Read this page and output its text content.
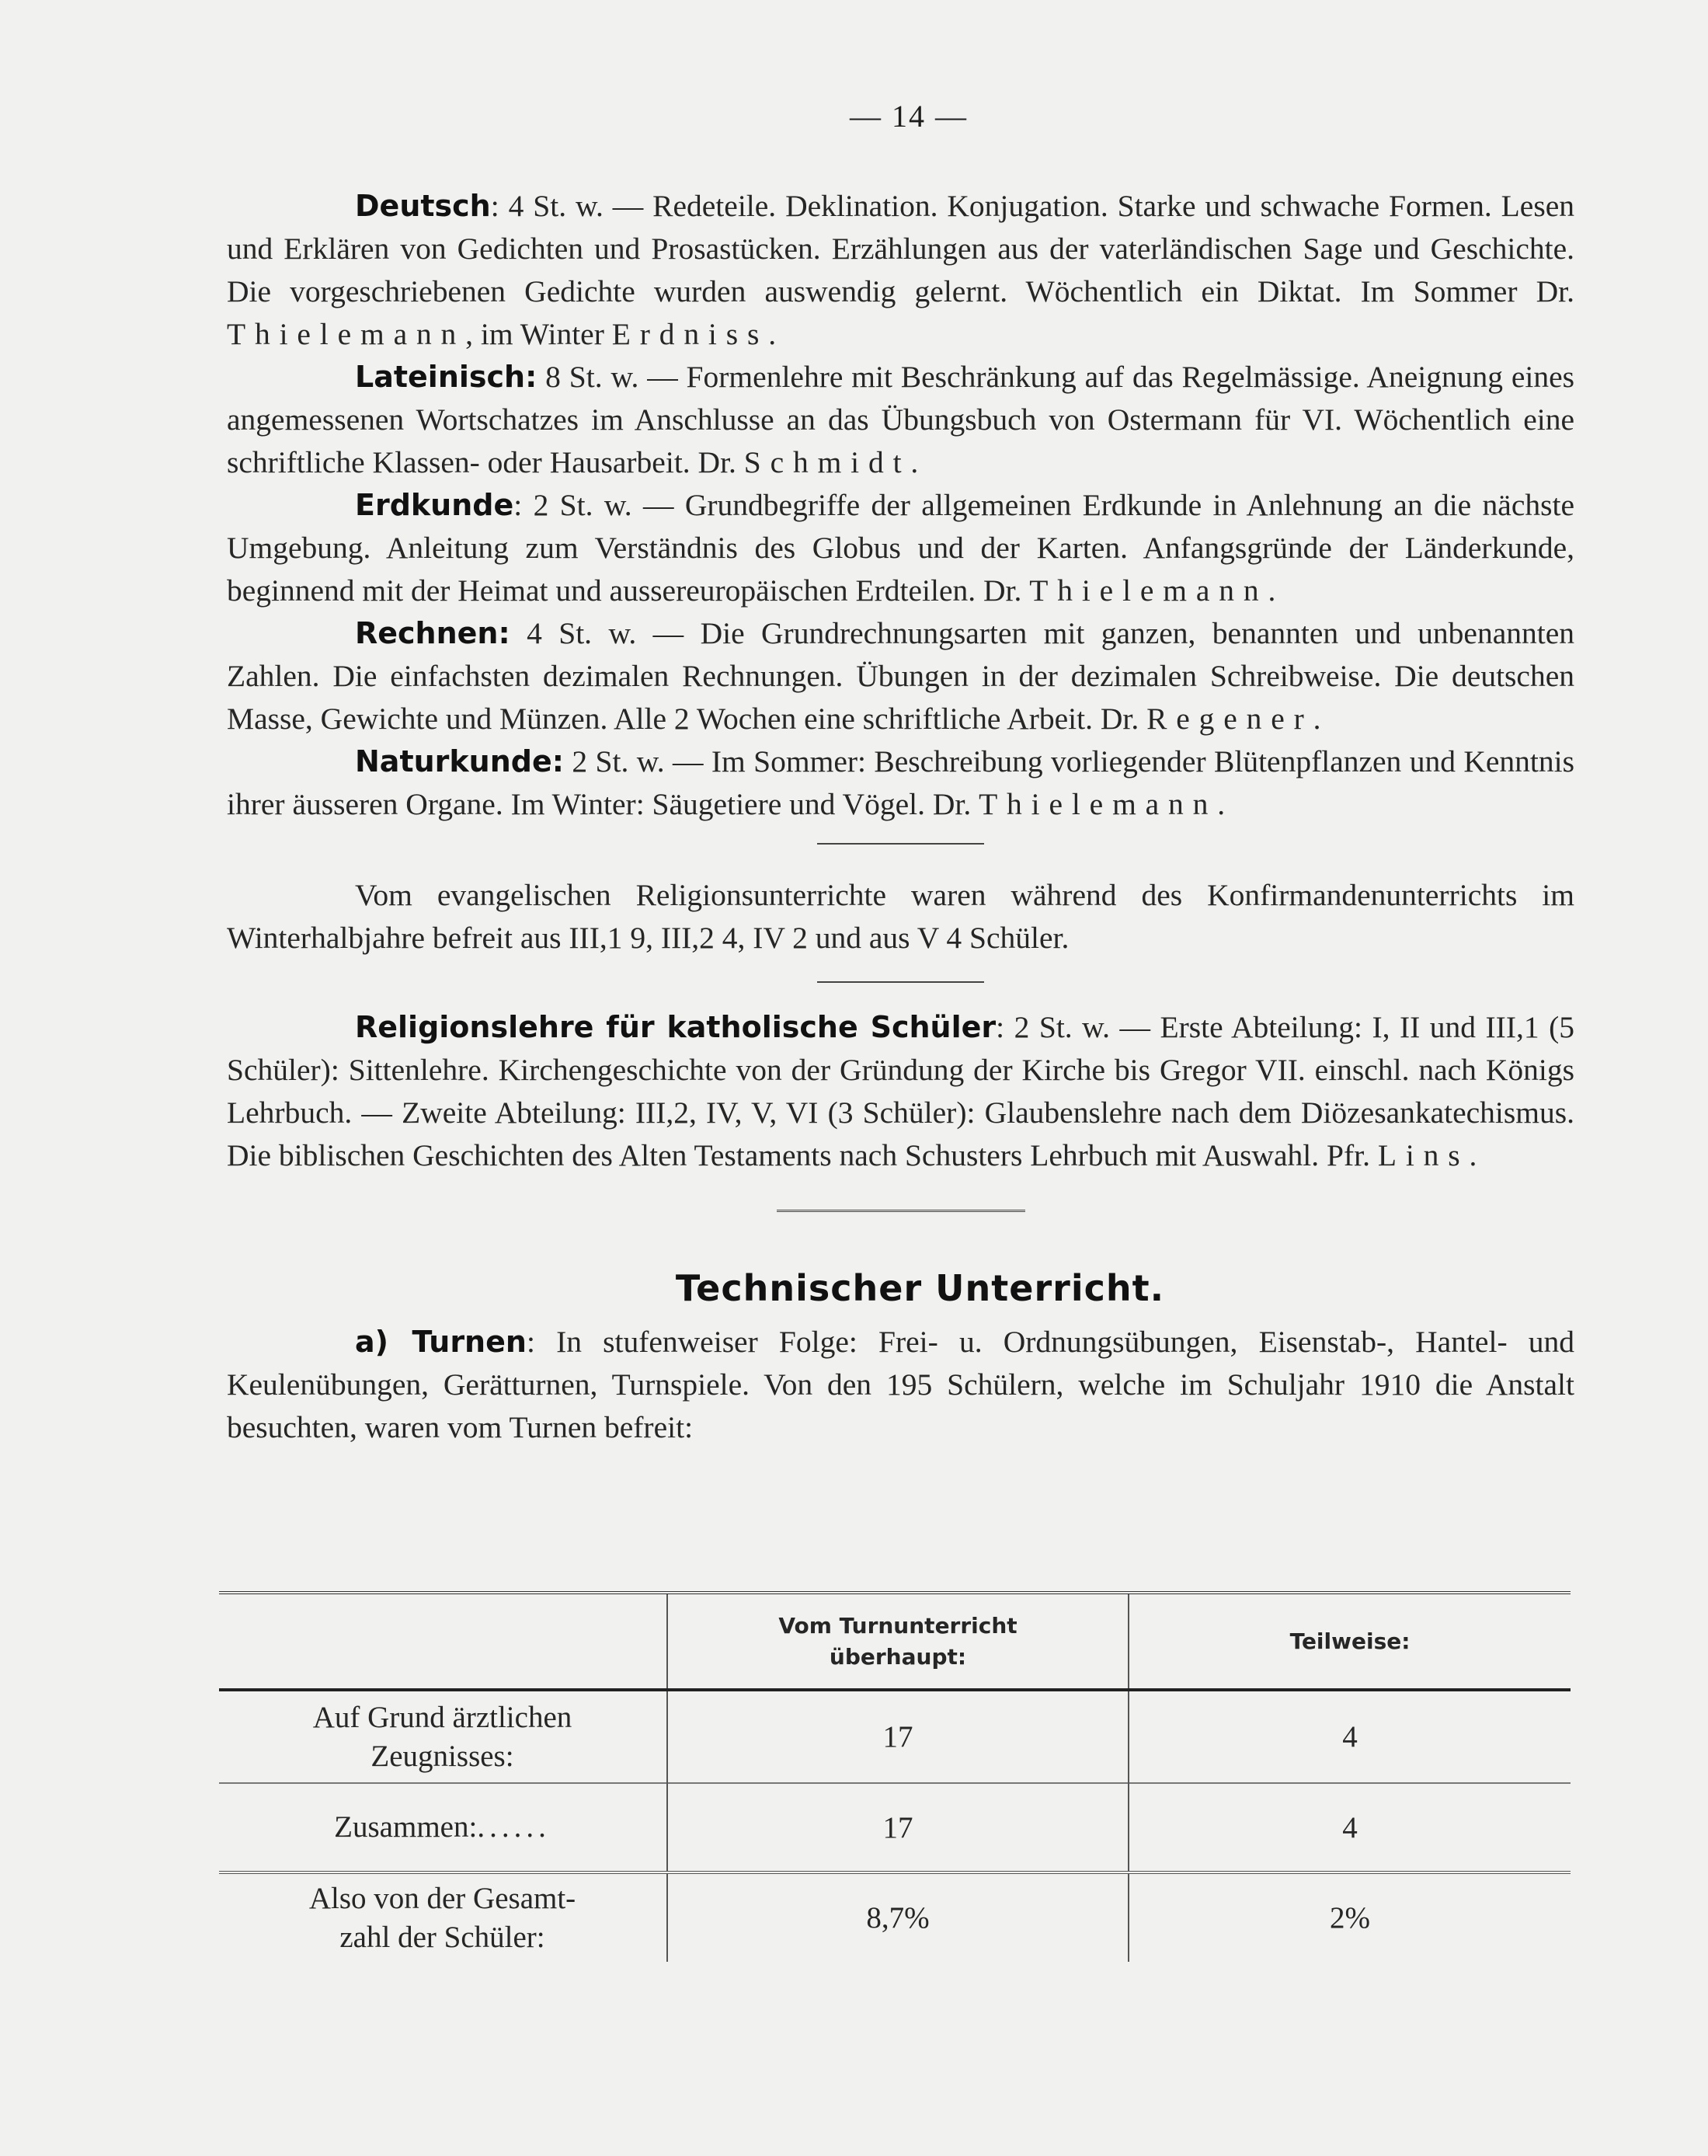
— 14 —

Deutsch: 4 St. w. — Redeteile. Deklination. Konjugation. Starke und schwache Formen. Lesen und Erklären von Gedichten und Prosastücken. Erzählungen aus der vaterländischen Sage und Geschichte. Die vorgeschriebenen Gedichte wurden auswendig gelernt. Wöchentlich ein Diktat. Im Sommer Dr. Thielemann, im Winter Erdniss.

Lateinisch: 8 St. w. — Formenlehre mit Beschränkung auf das Regelmässige. Aneignung eines angemessenen Wortschatzes im Anschlusse an das Übungsbuch von Ostermann für VI. Wöchentlich eine schriftliche Klassen- oder Hausarbeit. Dr. Schmidt.

Erdkunde: 2 St. w. — Grundbegriffe der allgemeinen Erdkunde in Anlehnung an die nächste Umgebung. Anleitung zum Verständnis des Globus und der Karten. Anfangsgründe der Länderkunde, beginnend mit der Heimat und aussereuropäischen Erdteilen. Dr. Thielemann.

Rechnen: 4 St. w. — Die Grundrechnungsarten mit ganzen, benannten und unbenannten Zahlen. Die einfachsten dezimalen Rechnungen. Übungen in der dezimalen Schreibweise. Die deutschen Masse, Gewichte und Münzen. Alle 2 Wochen eine schriftliche Arbeit. Dr. Regener.

Naturkunde: 2 St. w. — Im Sommer: Beschreibung vorliegender Blütenpflanzen und Kenntnis ihrer äusseren Organe. Im Winter: Säugetiere und Vögel. Dr. Thielemann.

Vom evangelischen Religionsunterrichte waren während des Konfirmandenunterrichts im Winterhalbjahre befreit aus III,1 9, III,2 4, IV 2 und aus V 4 Schüler.

Religionslehre für katholische Schüler: 2 St. w. — Erste Abteilung: I, II und III,1 (5 Schüler): Sittenlehre. Kirchengeschichte von der Gründung der Kirche bis Gregor VII. einschl. nach Königs Lehrbuch. — Zweite Abteilung: III,2, IV, V, VI (3 Schüler): Glaubenslehre nach dem Diözesankatechismus. Die biblischen Geschichten des Alten Testaments nach Schusters Lehrbuch mit Auswahl. Pfr. Lins.

Technischer Unterricht.

a) Turnen: In stufenweiser Folge: Frei- u. Ordnungsübungen, Eisenstab-, Hantel- und Keulenübungen, Gerätturnen, Turnspiele. Von den 195 Schülern, welche im Schuljahr 1910 die Anstalt besuchten, waren vom Turnen befreit:

	Vom Turnunterricht
überhaupt:	Teilweise:
Auf Grund ärztlichen
Zeugnisses:	17	4
Zusammen:......	17	4
Also von der Gesamt-
zahl der Schüler:	8,7%	2%
